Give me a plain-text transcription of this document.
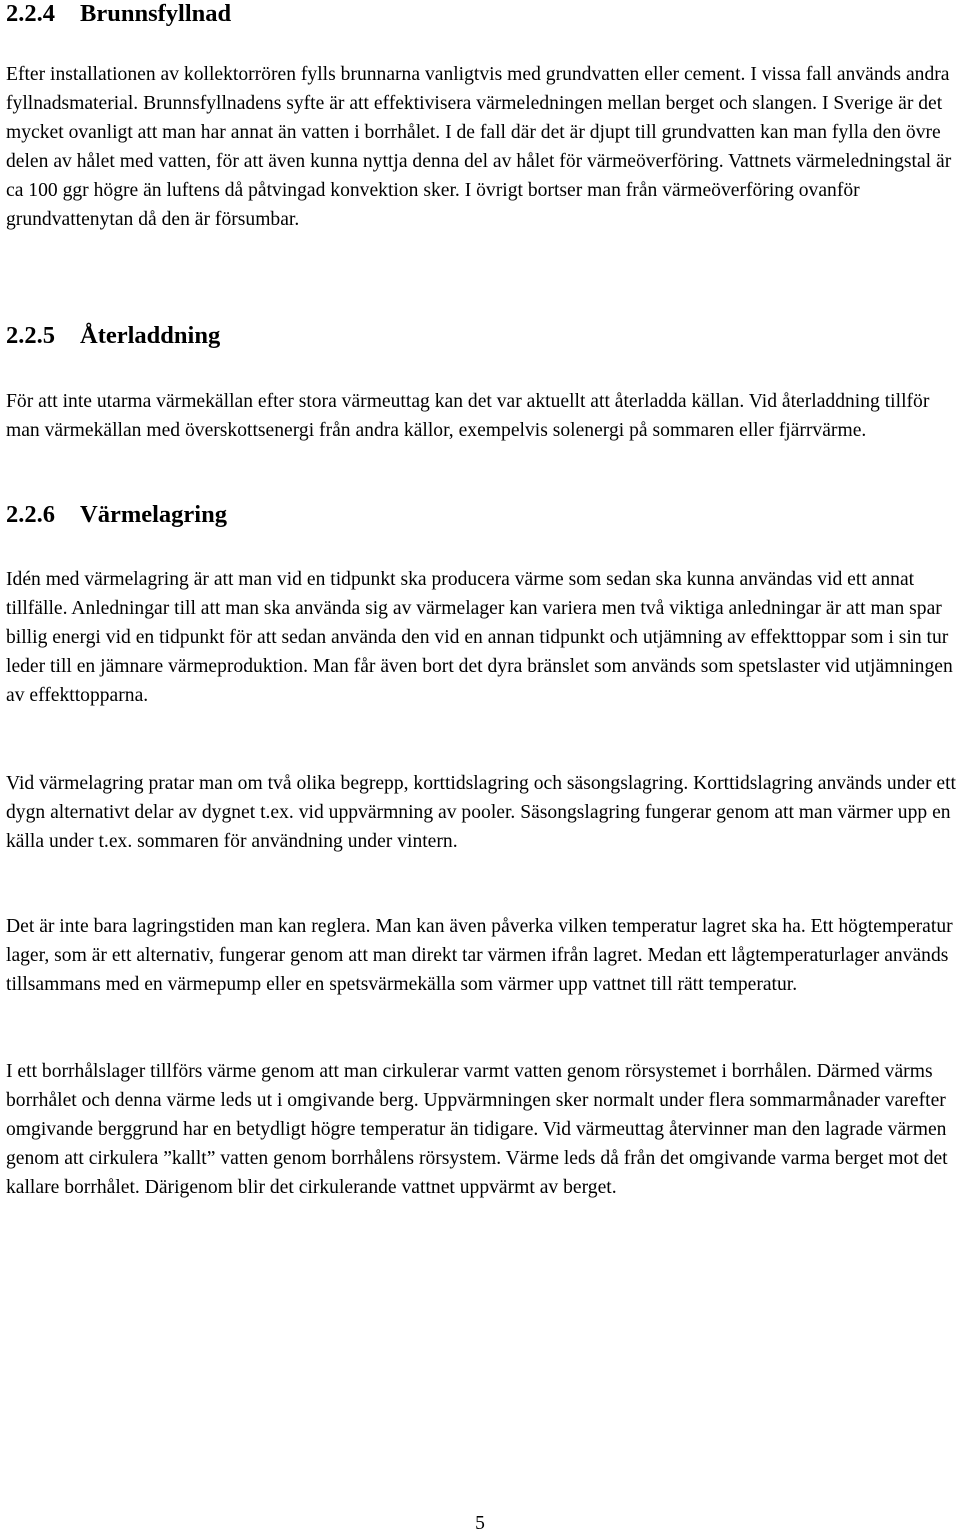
2.2.4 Brunnsfyllnad

Efter installationen av kollektorrören fylls brunnarna vanligtvis med grundvatten eller cement. I vissa fall används andra fyllnadsmaterial. Brunnsfyllnadens syfte är att effektivisera värmeledningen mellan berget och slangen. I Sverige är det mycket ovanligt att man har annat än vatten i borrhålet. I de fall där det är djupt till grundvatten kan man fylla den övre delen av hålet med vatten, för att även kunna nyttja denna del av hålet för värmeöverföring. Vattnets värmeledningstal är ca 100 ggr högre än luftens då påtvingad konvektion sker. I övrigt bortser man från värmeöverföring ovanför grundvattenytan då den är försumbar.

2.2.5 Återladdning

För att inte utarma värmekällan efter stora värmeuttag kan det var aktuellt att återladda källan. Vid återladdning tillför man värmekällan med överskottsenergi från andra källor, exempelvis solenergi på sommaren eller fjärrvärme.

2.2.6 Värmelagring

Idén med värmelagring är att man vid en tidpunkt ska producera värme som sedan ska kunna användas vid ett annat tillfälle. Anledningar till att man ska använda sig av värmelager kan variera men två viktiga anledningar är att man spar billig energi vid en tidpunkt för att sedan använda den vid en annan tidpunkt och utjämning av effekttoppar som i sin tur leder till en jämnare värmeproduktion. Man får även bort det dyra bränslet som används som spetslaster vid utjämningen av effekttopparna.

Vid värmelagring pratar man om två olika begrepp, korttidslagring och säsongslagring. Korttidslagring används under ett dygn alternativt delar av dygnet t.ex. vid uppvärmning av pooler. Säsongslagring fungerar genom att man värmer upp en källa under t.ex. sommaren för användning under vintern.

Det är inte bara lagringstiden man kan reglera. Man kan även påverka vilken temperatur lagret ska ha. Ett högtemperatur lager, som är ett alternativ, fungerar genom att man direkt tar värmen ifrån lagret. Medan ett lågtemperaturlager används tillsammans med en värmepump eller en spetsvärmekälla som värmer upp vattnet till rätt temperatur.

I ett borrhålslager tillförs värme genom att man cirkulerar varmt vatten genom rörsystemet i borrhålen. Därmed värms borrhålet och denna värme leds ut i omgivande berg. Uppvärmningen sker normalt under flera sommarmånader varefter omgivande berggrund har en betydligt högre temperatur än tidigare. Vid värmeuttag återvinner man den lagrade värmen genom att cirkulera ”kallt” vatten genom borrhålens rörsystem. Värme leds då från det omgivande varma berget mot det kallare borrhålet. Därigenom blir det cirkulerande vattnet uppvärmt av berget.

5
